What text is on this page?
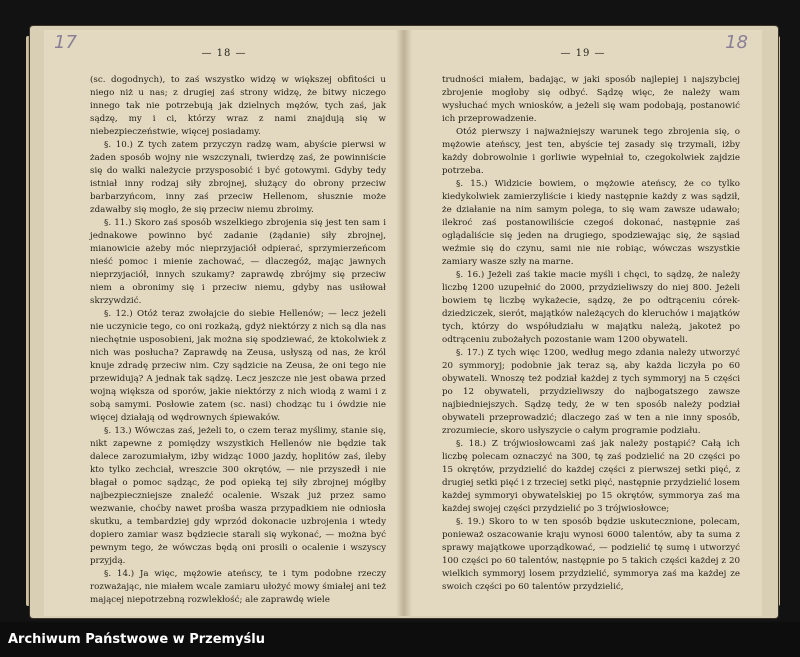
17
— 18 —

(sc. dogodnych), to zaś wszystko widzę w większej obfitości u niego niż u nas; z drugiej zaś strony widzę, że bitwy niczego innego tak nie potrzebują jak dzielnych mężów, tych zaś, jak sądzę, my i ci, którzy wraz z nami znajdują się w niebezpieczeństwie, więcej posiadamy.

§. 10.) Z tych zatem przyczyn radzę wam, abyście pierwsi w żaden sposób wojny nie wszczynali, twierdzę zaś, że powinniście się do walki należycie przysposobić i być gotowymi. Gdyby tedy istniał inny rodzaj siły zbrojnej, służący do obrony przeciw barbarzyńcom, inny zaś przeciw Hellenom, słusznie może zdawałby się mogło, że się przeciw niemu zbroimy.

§. 11.) Skoro zaś sposób wszelkiego zbrojenia się jest ten sam i jednakowe powinno być zadanie (żądanie) siły zbrojnej, mianowicie ażeby móc nieprzyjaciół odpierać, sprzymierzeńcom nieść pomoc i mienie zachować, — dlaczegóż, mając jawnych nieprzyjaciół, innych szukamy? zaprawdę zbrójmy się przeciw niem a obronimy się i przeciw niemu, gdyby nas usiłował skrzywdzić.

§. 12.) Otóż teraz zwołajcie do siebie Hellenów; — lecz jeżeli nie uczynicie tego, co oni rozkażą, gdyż niektórzy z nich są dla nas niechętnie usposobieni, jak można się spodziewać, że ktokolwiek z nich was posłucha? Zaprawdę na Zeusa, usłyszą od nas, że król knuje zdradę przeciw nim. Czy sądzicie na Zeusa, że oni tego nie przewidują? A jednak tak sądzę. Lecz jeszcze nie jest obawa przed wojną większa od sporów, jakie niektórzy z nich wiodą z wami i z sobą samymi. Posłowie zatem (sc. nasi) chodząc tu i ówdzie nie więcej działają od wędrownych śpiewaków.

§. 13.) Wówczas zaś, jeżeli to, o czem teraz myślimy, stanie się, nikt zapewne z pomiędzy wszystkich Hellenów nie będzie tak dalece zarozumiałym, iżby widząc 1000 jazdy, hoplitów zaś, ileby kto tylko zechciał, wreszcie 300 okrętów, — nie przyszedł i nie błagał o pomoc sądząc, że pod opieką tej siły zbrojnej mógłby najbezpieczniejsze znaleźć ocalenie. Wszak już przez samo wezwanie, choćby nawet prośba wasza przypadkiem nie odniosła skutku, a tembardziej gdy wprzód dokonacie uzbrojenia i wtedy dopiero zamiar wasz będziecie starali się wykonać, — można być pewnym tego, że wówczas będą oni prosili o ocalenie i wszyscy przyjdą.

§. 14.) Ja więc, mężowie ateńscy, te i tym podobne rzeczy rozważając, nie miałem wcale zamiaru ułożyć mowy śmiałej ani też mającej niepotrzebną rozwlekłość; ale zaprawdę wiele

18
— 19 —

trudności miałem, badając, w jaki sposób najlepiej i najszybciej zbrojenie mogłoby się odbyć. Sądzę więc, że należy wam wysłuchać mych wniosków, a jeżeli się wam podobają, postanowić ich przeprowadzenie.

Otóż pierwszy i najważniejszy warunek tego zbrojenia się, o mężowie ateńscy, jest ten, abyście tej zasady się trzymali, iżby każdy dobrowolnie i gorliwie wypełniał to, czegokolwiek zajdzie potrzeba.

§. 15.) Widzicie bowiem, o mężowie ateńscy, że co tylko kiedykolwiek zamierzyliście i kiedy następnie każdy z was sądził, że działanie na nim samym polega, to się wam zawsze udawało; ilekroć zaś postanowiliście czegoś dokonać, następnie zaś oglądaliście się jeden na drugiego, spodziewając się, że sąsiad weźmie się do czynu, sami nie nie robiąc, wówczas wszystkie zamiary wasze szły na marne.

§. 16.) Jeżeli zaś takie macie myśli i chęci, to sądzę, że należy liczbę 1200 uzupełnić do 2000, przydzieliwszy do niej 800. Jeżeli bowiem tę liczbę wykażecie, sądzę, że po odtrąceniu córek-dziedziczek, sierót, majątków należących do kleruchów i majątków tych, którzy do współudziału w majątku należą, jakoteż po odtrąceniu zubożałych pozostanie wam 1200 obywateli.

§. 17.) Z tych więc 1200, według mego zdania należy utworzyć 20 symmoryj; podobnie jak teraz są, aby każda liczyła po 60 obywateli. Wnoszę też podział każdej z tych symmoryj na 5 części po 12 obywateli, przydzieliwszy do najbogatszego zawsze najbiedniejszych. Sądzę tedy, że w ten sposób należy podział obywateli przeprowadzić; dlaczego zaś w ten a nie inny sposób, zrozumiecie, skoro usłyszycie o całym programie podziału.

§. 18.) Z trójwiosłowcami zaś jak należy postąpić? Całą ich liczbę polecam oznaczyć na 300, tę zaś podzielić na 20 części po 15 okrętów, przydzielić do każdej części z pierwszej setki pięć, z drugiej setki pięć i z trzeciej setki pięć, następnie przydzielić losem każdej symmoryi obywatelskiej po 15 okrętów, symmorya zaś ma każdej swojej części przydzielić po 3 trójwiosłowce;

§. 19.) Skoro to w ten sposób będzie uskutecznione, polecam, ponieważ oszacowanie kraju wynosi 6000 talentów, aby ta suma z sprawy majątkowe uporządkować, — podzielić tę sumę i utworzyć 100 części po 60 talentów, następnie po 5 takich części każdej z 20 wielkich symmoryj losem przydzielić, symmorya zaś ma każdej ze swoich części po 60 talentów przydzielić,

Archiwum Państwowe w Przemyślu
